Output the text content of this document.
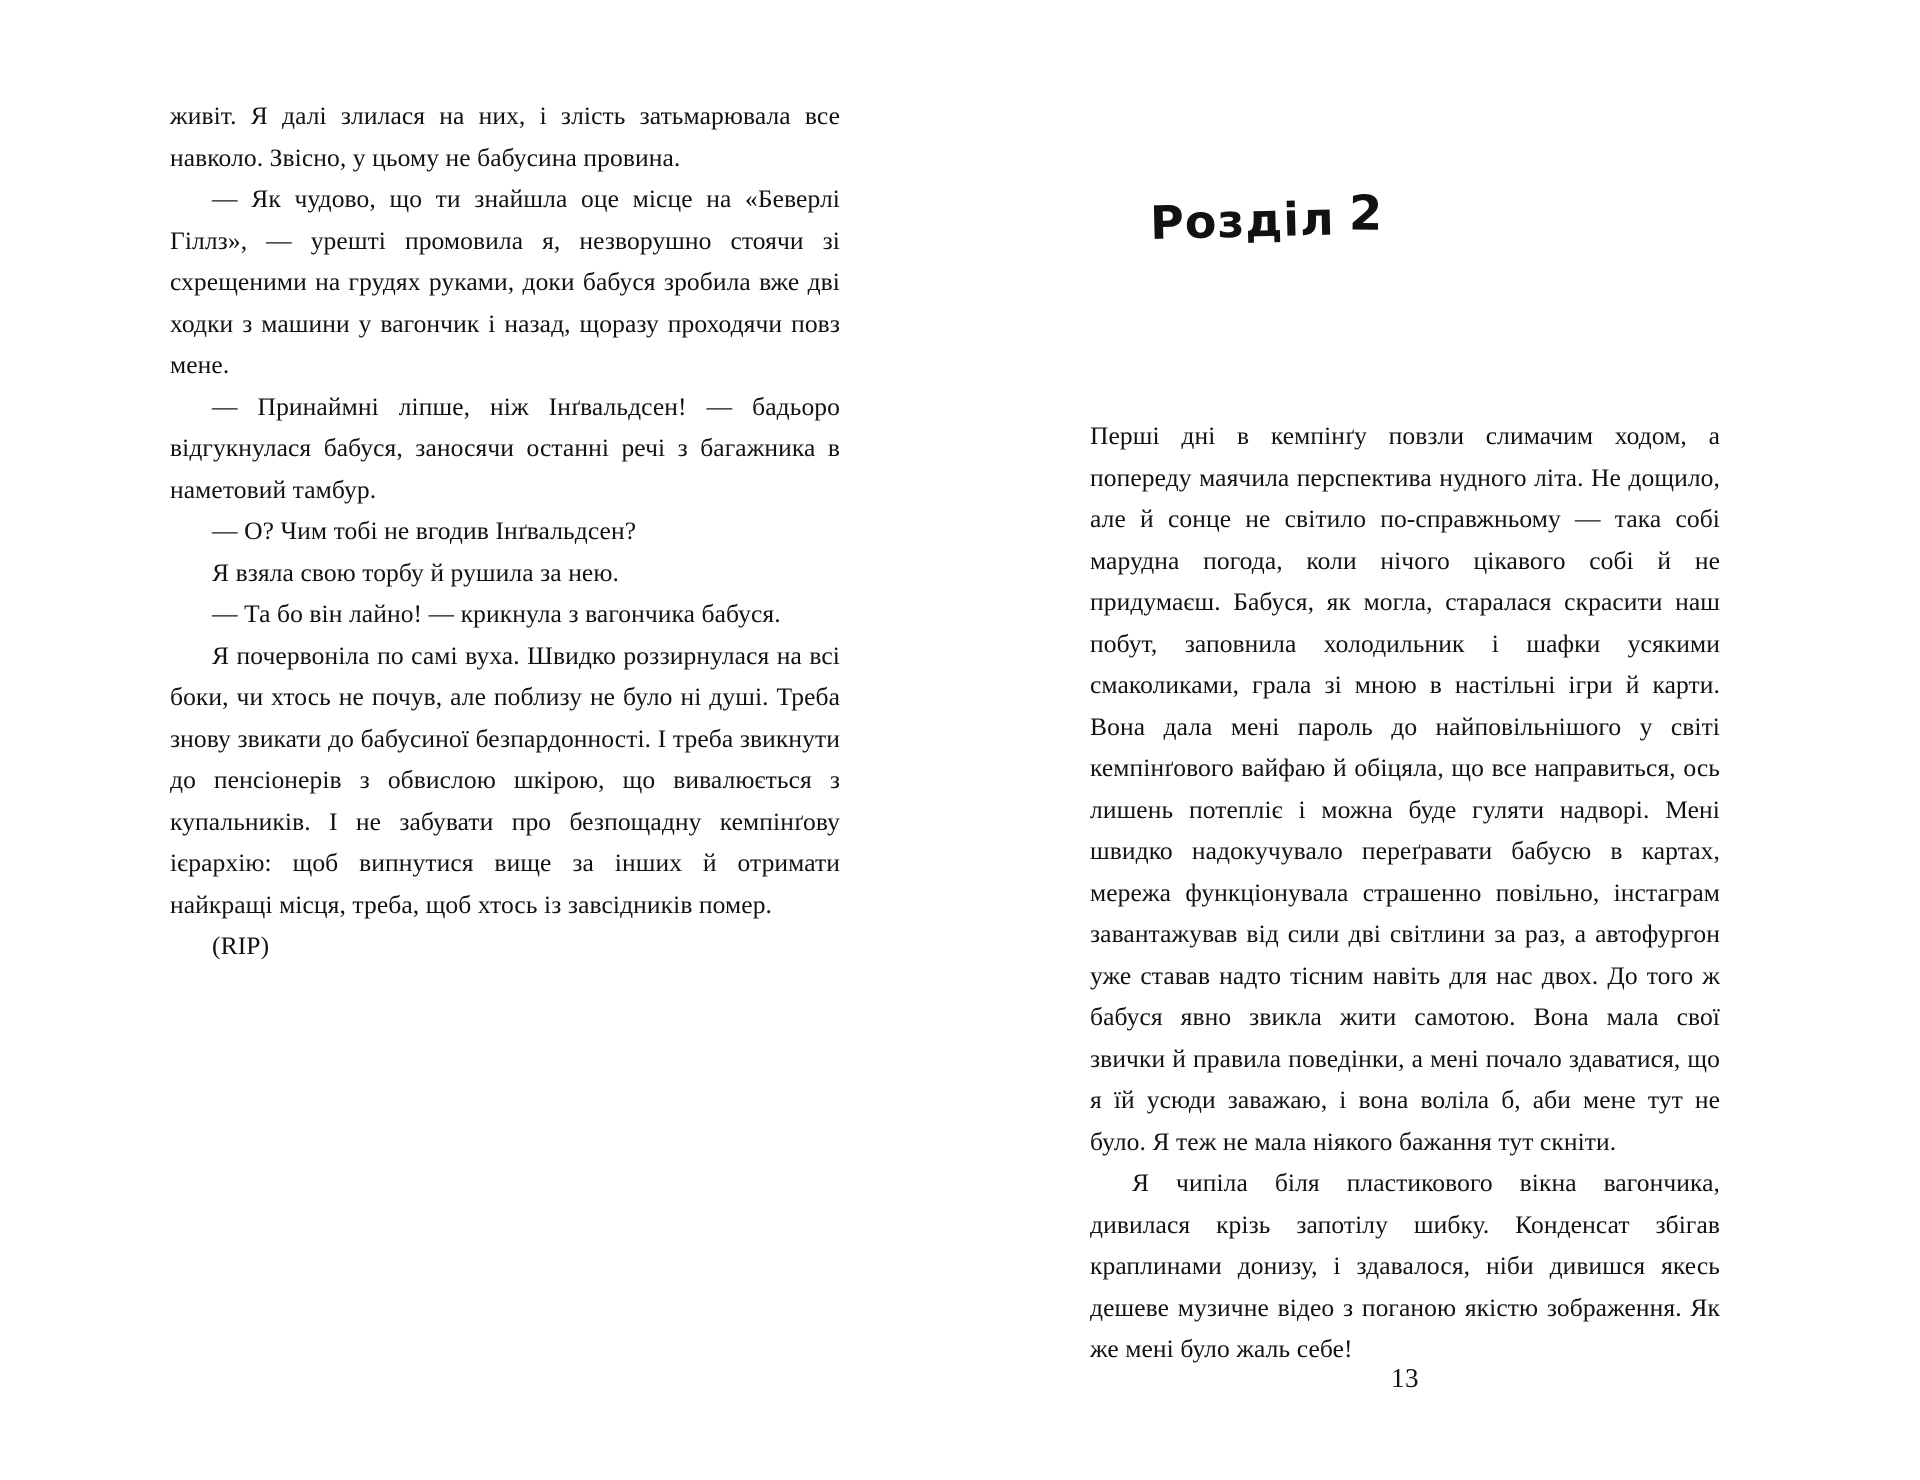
живіт. Я далі злилася на них, і злість затьмарювала все навколо. Звісно, у цьому не бабусина провина.

— Як чудово, що ти знайшла оце місце на «Беверлі Гіллз», — урешті промовила я, незворушно стоячи зі схрещеними на грудях руками, доки бабуся зробила вже дві ходки з машини у вагончик і назад, щоразу проходячи повз мене.

— Принаймні ліпше, ніж Інґвальдсен! — бадьоро відгукнулася бабуся, заносячи останні речі з багажника в наметовий тамбур.

— О? Чим тобі не вгодив Інґвальдсен?

Я взяла свою торбу й рушила за нею.

— Та бо він лайно! — крикнула з вагончика бабуся.

Я почервоніла по самі вуха. Швидко роззирнулася на всі боки, чи хтось не почув, але поблизу не було ні душі. Треба знову звикати до бабусиної безпардонності. І треба звикнути до пенсіонерів з обвислою шкірою, що вивалюється з купальників. І не забувати про безпощадну кемпінґову ієрархію: щоб випнутися вище за інших й отримати найкращі місця, треба, щоб хтось із завсідників помер.

(RIP)

Розділ 2

Перші дні в кемпінґу повзли слимачим ходом, а попереду маячила перспектива нудного літа. Не дощило, але й сонце не світило по-справжньому — така собі марудна погода, коли нічого цікавого собі й не придумаєш. Бабуся, як могла, старалася скрасити наш побут, заповнила холодильник і шафки усякими смаколиками, грала зі мною в настільні ігри й карти. Вона дала мені пароль до найповільнішого у світі кемпінґового вайфаю й обіцяла, що все направиться, ось лишень потепліє і можна буде гуляти надворі. Мені швидко надокучувало переґравати бабусю в картах, мережа функціонувала страшенно повільно, інстаграм завантажував від сили дві світлини за раз, а автофургон уже ставав надто тісним навіть для нас двох. До того ж бабуся явно звикла жити самотою. Вона мала свої звички й правила поведінки, а мені почало здаватися, що я їй усюди заважаю, і вона воліла б, аби мене тут не було. Я теж не мала ніякого бажання тут скніти.

Я чипіла біля пластикового вікна вагончика, дивилася крізь запотілу шибку. Конденсат збігав краплинами донизу, і здавалося, ніби дивишся якесь дешеве музичне відео з поганою якістю зображення. Як же мені було жаль себе!

13
